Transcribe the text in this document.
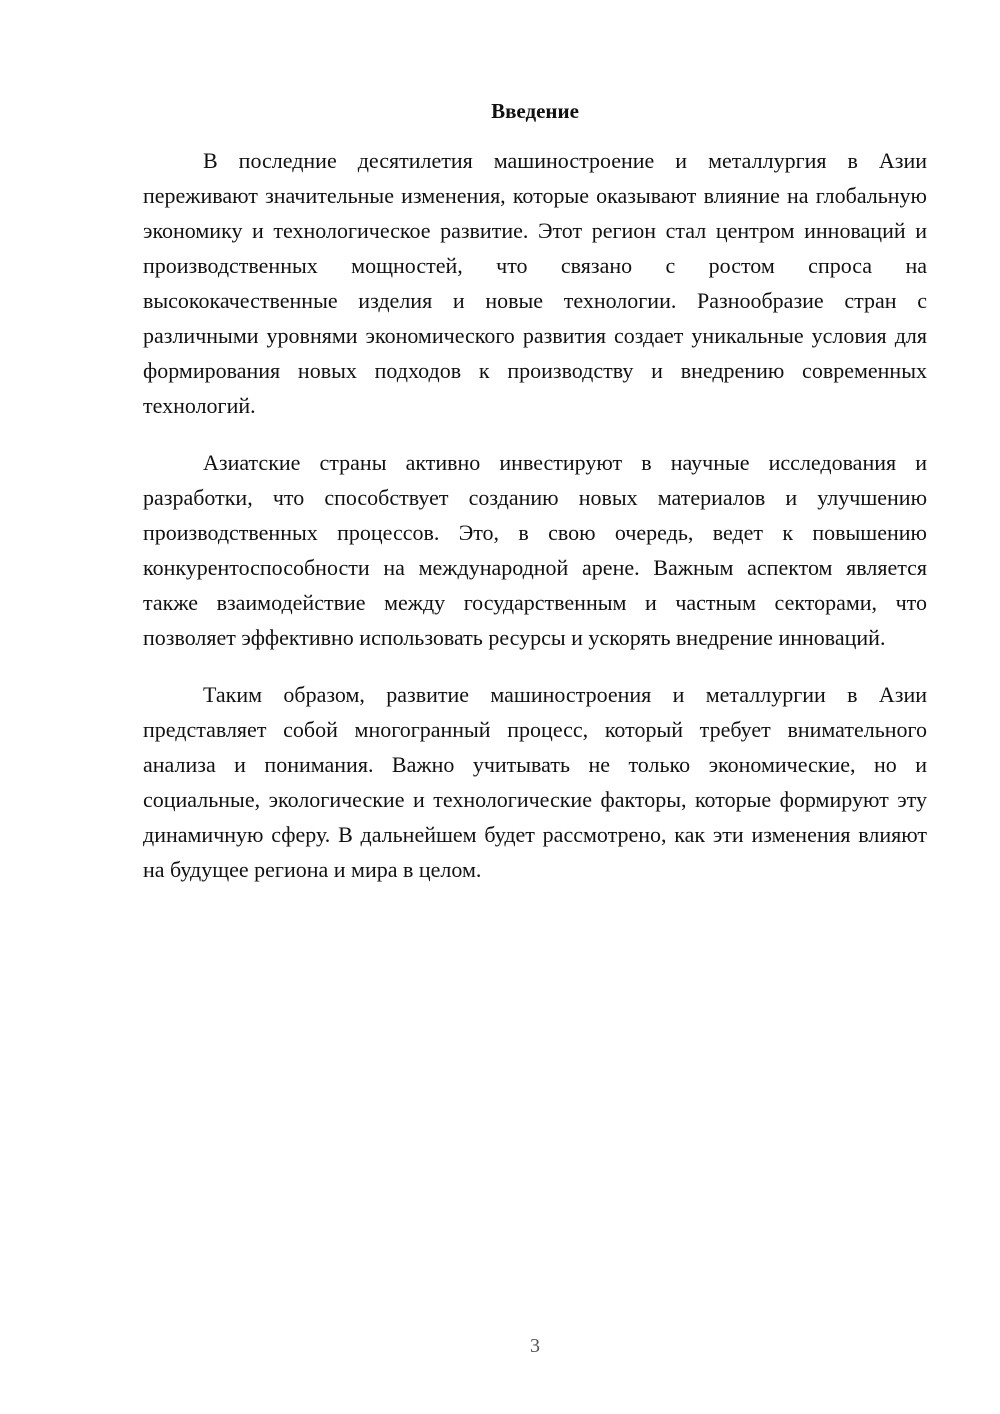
Введение

В последние десятилетия машиностроение и металлургия в Азии переживают значительные изменения, которые оказывают влияние на глобальную экономику и технологическое развитие. Этот регион стал центром инноваций и производственных мощностей, что связано с ростом спроса на высококачественные изделия и новые технологии. Разнообразие стран с различными уровнями экономического развития создает уникальные условия для формирования новых подходов к производству и внедрению современных технологий.

Азиатские страны активно инвестируют в научные исследования и разработки, что способствует созданию новых материалов и улучшению производственных процессов. Это, в свою очередь, ведет к повышению конкурентоспособности на международной арене. Важным аспектом является также взаимодействие между государственным и частным секторами, что позволяет эффективно использовать ресурсы и ускорять внедрение инноваций.

Таким образом, развитие машиностроения и металлургии в Азии представляет собой многогранный процесс, который требует внимательного анализа и понимания. Важно учитывать не только экономические, но и социальные, экологические и технологические факторы, которые формируют эту динамичную сферу. В дальнейшем будет рассмотрено, как эти изменения влияют на будущее региона и мира в целом.

3
